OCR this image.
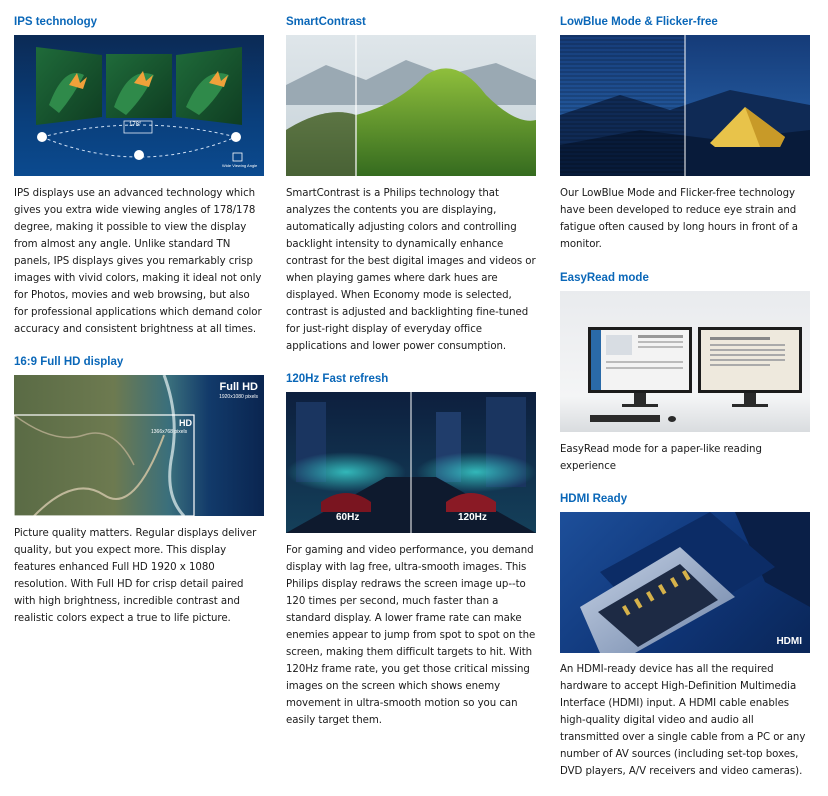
IPS technology
178°
Wide Viewing Angle

IPS displays use an advanced technology which gives you extra wide viewing angles of 178/178 degree, making it possible to view the display from almost any angle. Unlike standard TN panels, IPS displays gives you remarkably crisp images with vivid colors, making it ideal not only for Photos, movies and web browsing, but also for professional applications which demand color accuracy and consistent brightness at all times.

16:9 Full HD display
Full HD
1920x1080 pixels
HD
1366x768 pixels

Picture quality matters. Regular displays deliver quality, but you expect more. This display features enhanced Full HD 1920 x 1080 resolution. With Full HD for crisp detail paired with high brightness, incredible contrast and realistic colors expect a true to life picture.

SmartContrast

SmartContrast is a Philips technology that analyzes the contents you are displaying, automatically adjusting colors and controlling backlight intensity to dynamically enhance contrast for the best digital images and videos or when playing games where dark hues are displayed. When Economy mode is selected, contrast is adjusted and backlighting fine-tuned for just-right display of everyday office applications and lower power consumption.

120Hz Fast refresh
60Hz	120Hz

For gaming and video performance, you demand display with lag free, ultra-smooth images. This Philips display redraws the screen image up--to 120 times per second, much faster than a standard display. A lower frame rate can make enemies appear to jump from spot to spot on the screen, making them difficult targets to hit. With 120Hz frame rate, you get those critical missing images on the screen which shows enemy movement in ultra-smooth motion so you can easily target them.

LowBlue Mode & Flicker-free

Our LowBlue Mode and Flicker-free technology have been developed to reduce eye strain and fatigue often caused by long hours in front of a monitor.

EasyRead mode

EasyRead mode for a paper-like reading experience

HDMI Ready
HDMI

An HDMI-ready device has all the required hardware to accept High-Definition Multimedia Interface (HDMI) input. A HDMI cable enables high-quality digital video and audio all transmitted over a single cable from a PC or any number of AV sources (including set-top boxes, DVD players, A/V receivers and video cameras).
